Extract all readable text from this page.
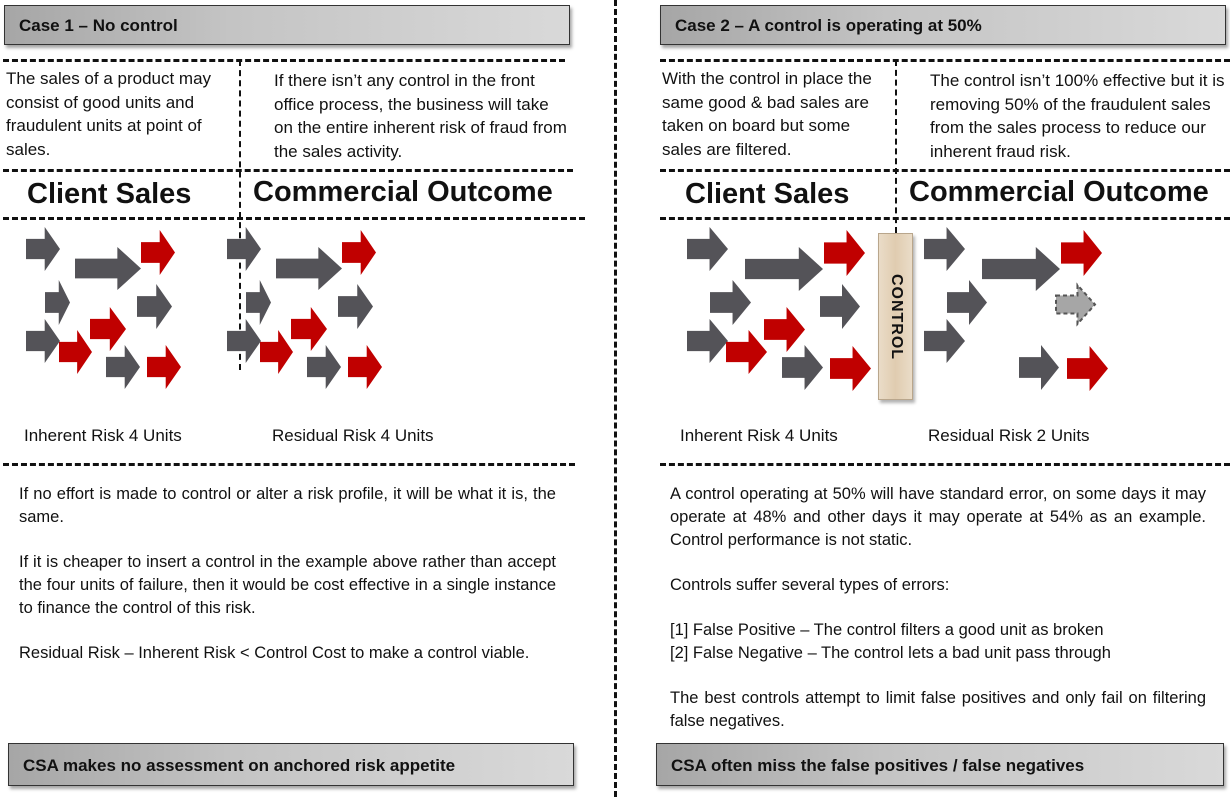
Case 1 – No control
The sales of a product may consist of good units and fraudulent units at point of sales.
If there isn’t any control in the front office process, the business will take on the entire inherent risk of fraud from the sales activity.
Client Sales Commercial Outcome
Inherent Risk 4 Units	Residual Risk 4 Units

If no effort is made to control or alter a risk profile, it will be what it is, the same.

If it is cheaper to insert a control in the example above rather than accept the four units of failure, then it would be cost effective in a single instance to finance the control of this risk.

Residual Risk – Inherent Risk < Control Cost to make a control viable.

CSA makes no assessment on anchored risk appetite
Case 2 – A control is operating at 50%
With the control in place the same good & bad sales are taken on board but some sales are filtered.
The control isn’t 100% effective but it is removing 50% of the fraudulent sales from the sales process to reduce our inherent fraud risk.
Client Sales Commercial Outcome
CONTROL
Inherent Risk 4 Units	Residual Risk 2 Units

A control operating at 50% will have standard error, on some days it may operate at 48% and other days it may operate at 54% as an example. Control performance is not static.

Controls suffer several types of errors:

[1] False Positive – The control filters a good unit as broken

[2] False Negative – The control lets a bad unit pass through

The best controls attempt to limit false positives and only fail on filtering false negatives.

CSA often miss the false positives / false negatives
